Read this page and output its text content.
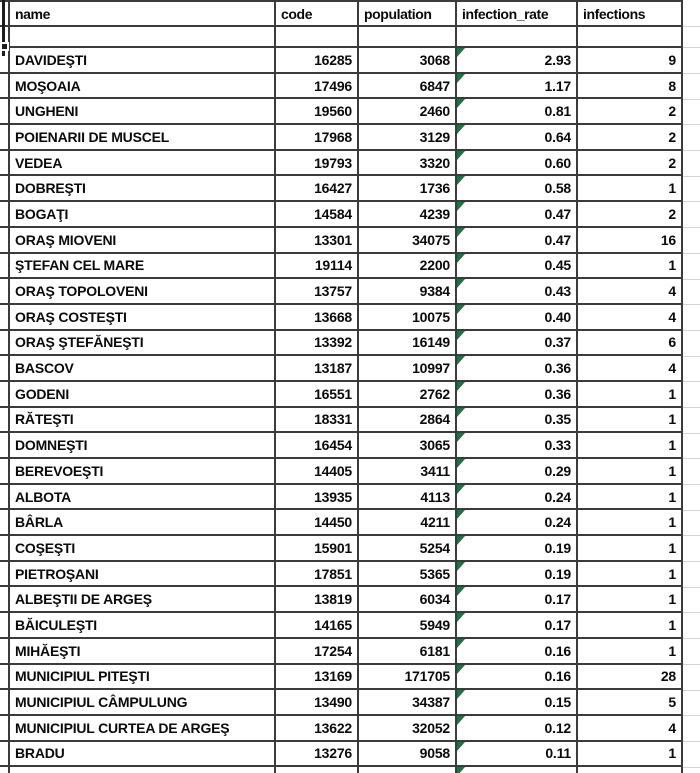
name	code	population	infection_rate	infections
DAVIDEŞTI	16285	3068	2.93	9
MOŞOAIA	17496	6847	1.17	8
UNGHENI	19560	2460	0.81	2
POIENARII DE MUSCEL	17968	3129	0.64	2
VEDEA	19793	3320	0.60	2
DOBREŞTI	16427	1736	0.58	1
BOGAŢI	14584	4239	0.47	2
ORAŞ MIOVENI	13301	34075	0.47	16
ŞTEFAN CEL MARE	19114	2200	0.45	1
ORAŞ TOPOLOVENI	13757	9384	0.43	4
ORAŞ COSTEŞTI	13668	10075	0.40	4
ORAŞ ŞTEFĂNEŞTI	13392	16149	0.37	6
BASCOV	13187	10997	0.36	4
GODENI	16551	2762	0.36	1
RĂTEŞTI	18331	2864	0.35	1
DOMNEŞTI	16454	3065	0.33	1
BEREVOEŞTI	14405	3411	0.29	1
ALBOTA	13935	4113	0.24	1
BÂRLA	14450	4211	0.24	1
COŞEŞTI	15901	5254	0.19	1
PIETROŞANI	17851	5365	0.19	1
ALBEŞTII DE ARGEŞ	13819	6034	0.17	1
BĂICULEŞTI	14165	5949	0.17	1
MIHĂEŞTI	17254	6181	0.16	1
MUNICIPIUL PITEŞTI	13169	171705	0.16	28
MUNICIPIUL CÂMPULUNG	13490	34387	0.15	5
MUNICIPIUL CURTEA DE ARGEŞ	13622	32052	0.12	4
BRADU	13276	9058	0.11	1
